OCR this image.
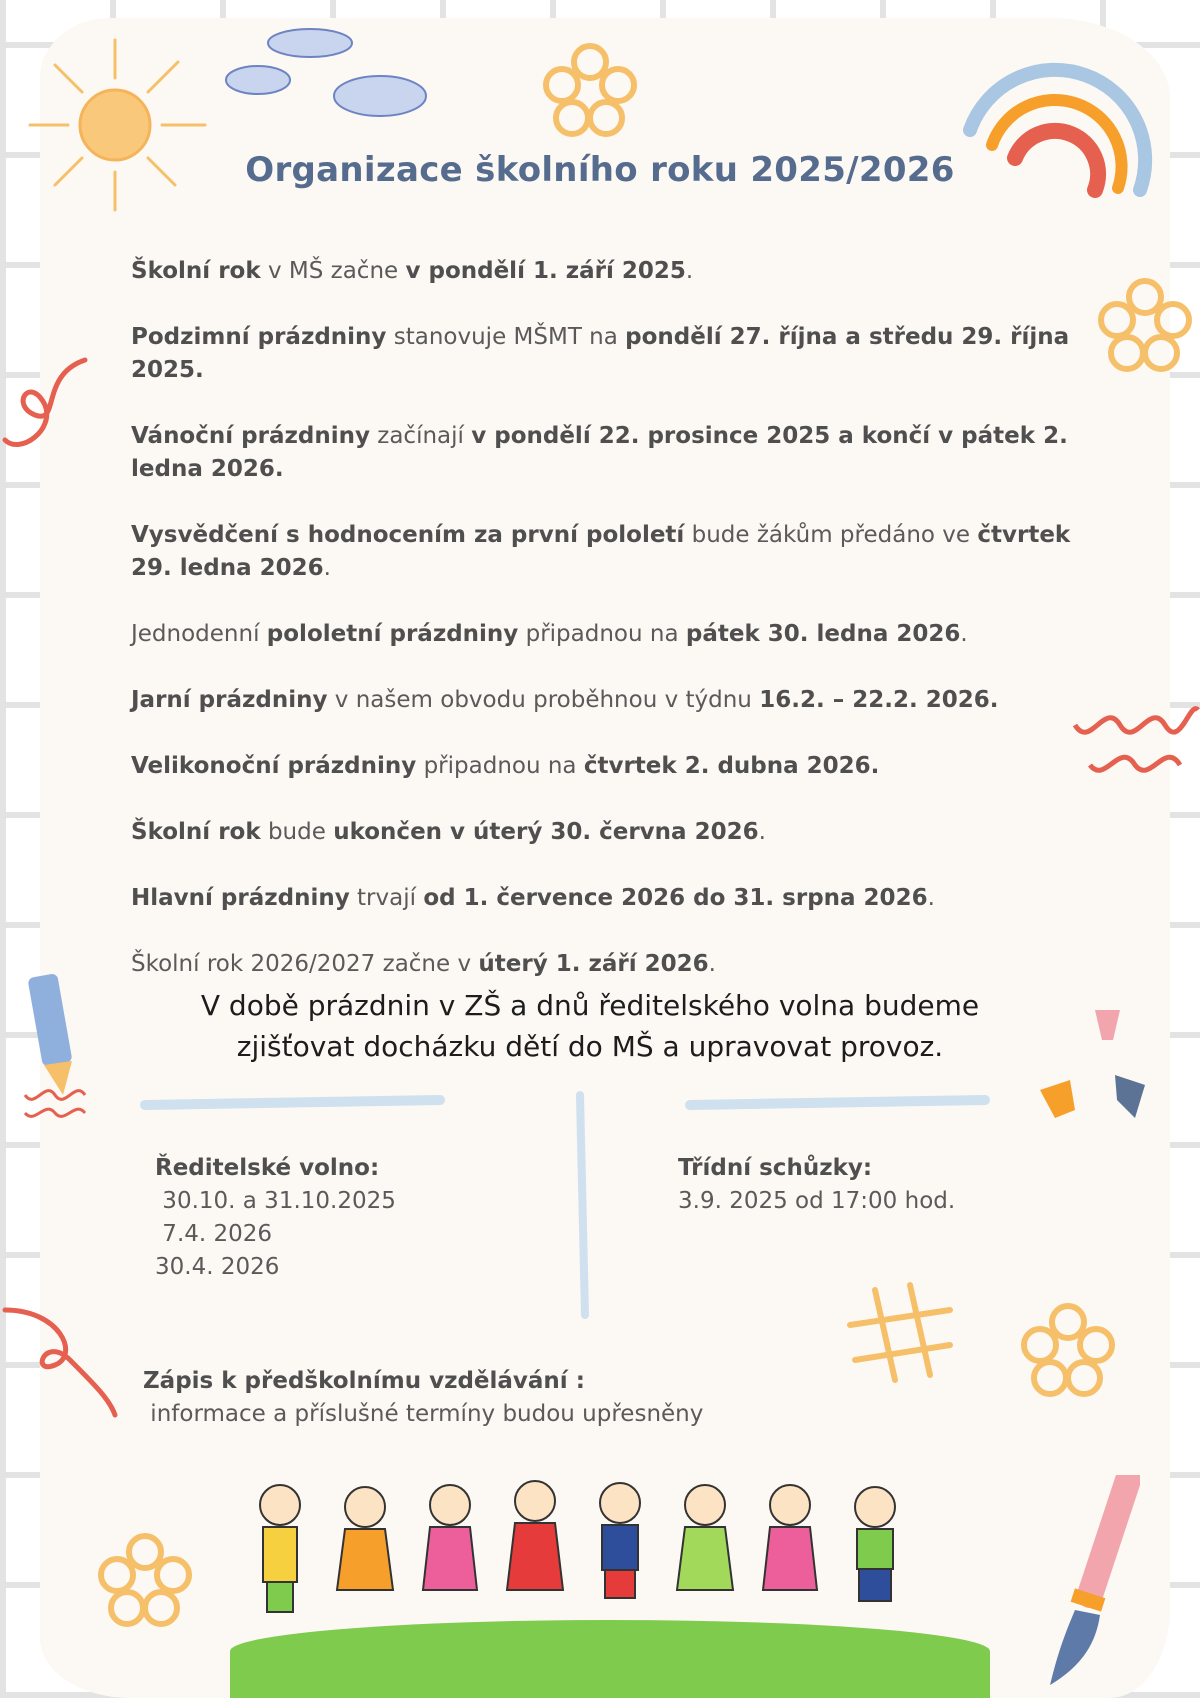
Organizace školního roku 2025/2026

Školní rok v MŠ začne v pondělí 1. září 2025.

Podzimní prázdniny stanovuje MŠMT na pondělí 27. října a středu 29. října 2025.

Vánoční prázdniny začínají v pondělí 22. prosince 2025 a končí v pátek 2. ledna 2026.

Vysvědčení s hodnocením za první pololetí bude žákům předáno ve čtvrtek 29. ledna 2026.

Jednodenní pololetní prázdniny připadnou na pátek 30. ledna 2026.

Jarní prázdniny v našem obvodu proběhnou v týdnu 16.2. – 22.2. 2026.

Velikonoční prázdniny připadnou na čtvrtek 2. dubna 2026.

Školní rok bude ukončen v úterý 30. června 2026.

Hlavní prázdniny trvají od 1. července 2026 do 31. srpna 2026.

Školní rok 2026/2027 začne v úterý 1. září 2026.

V době prázdnin v ZŠ a dnů ředitelského volna budeme
zjišťovat docházku dětí do MŠ a upravovat provoz.
Ředitelské volno:
30.10. a 31.10.2025
7.4. 2026
30.4. 2026
Třídní schůzky:
3.9. 2025 od 17:00 hod.
Zápis k předškolnímu vzdělávání :
informace a příslušné termíny budou upřesněny
